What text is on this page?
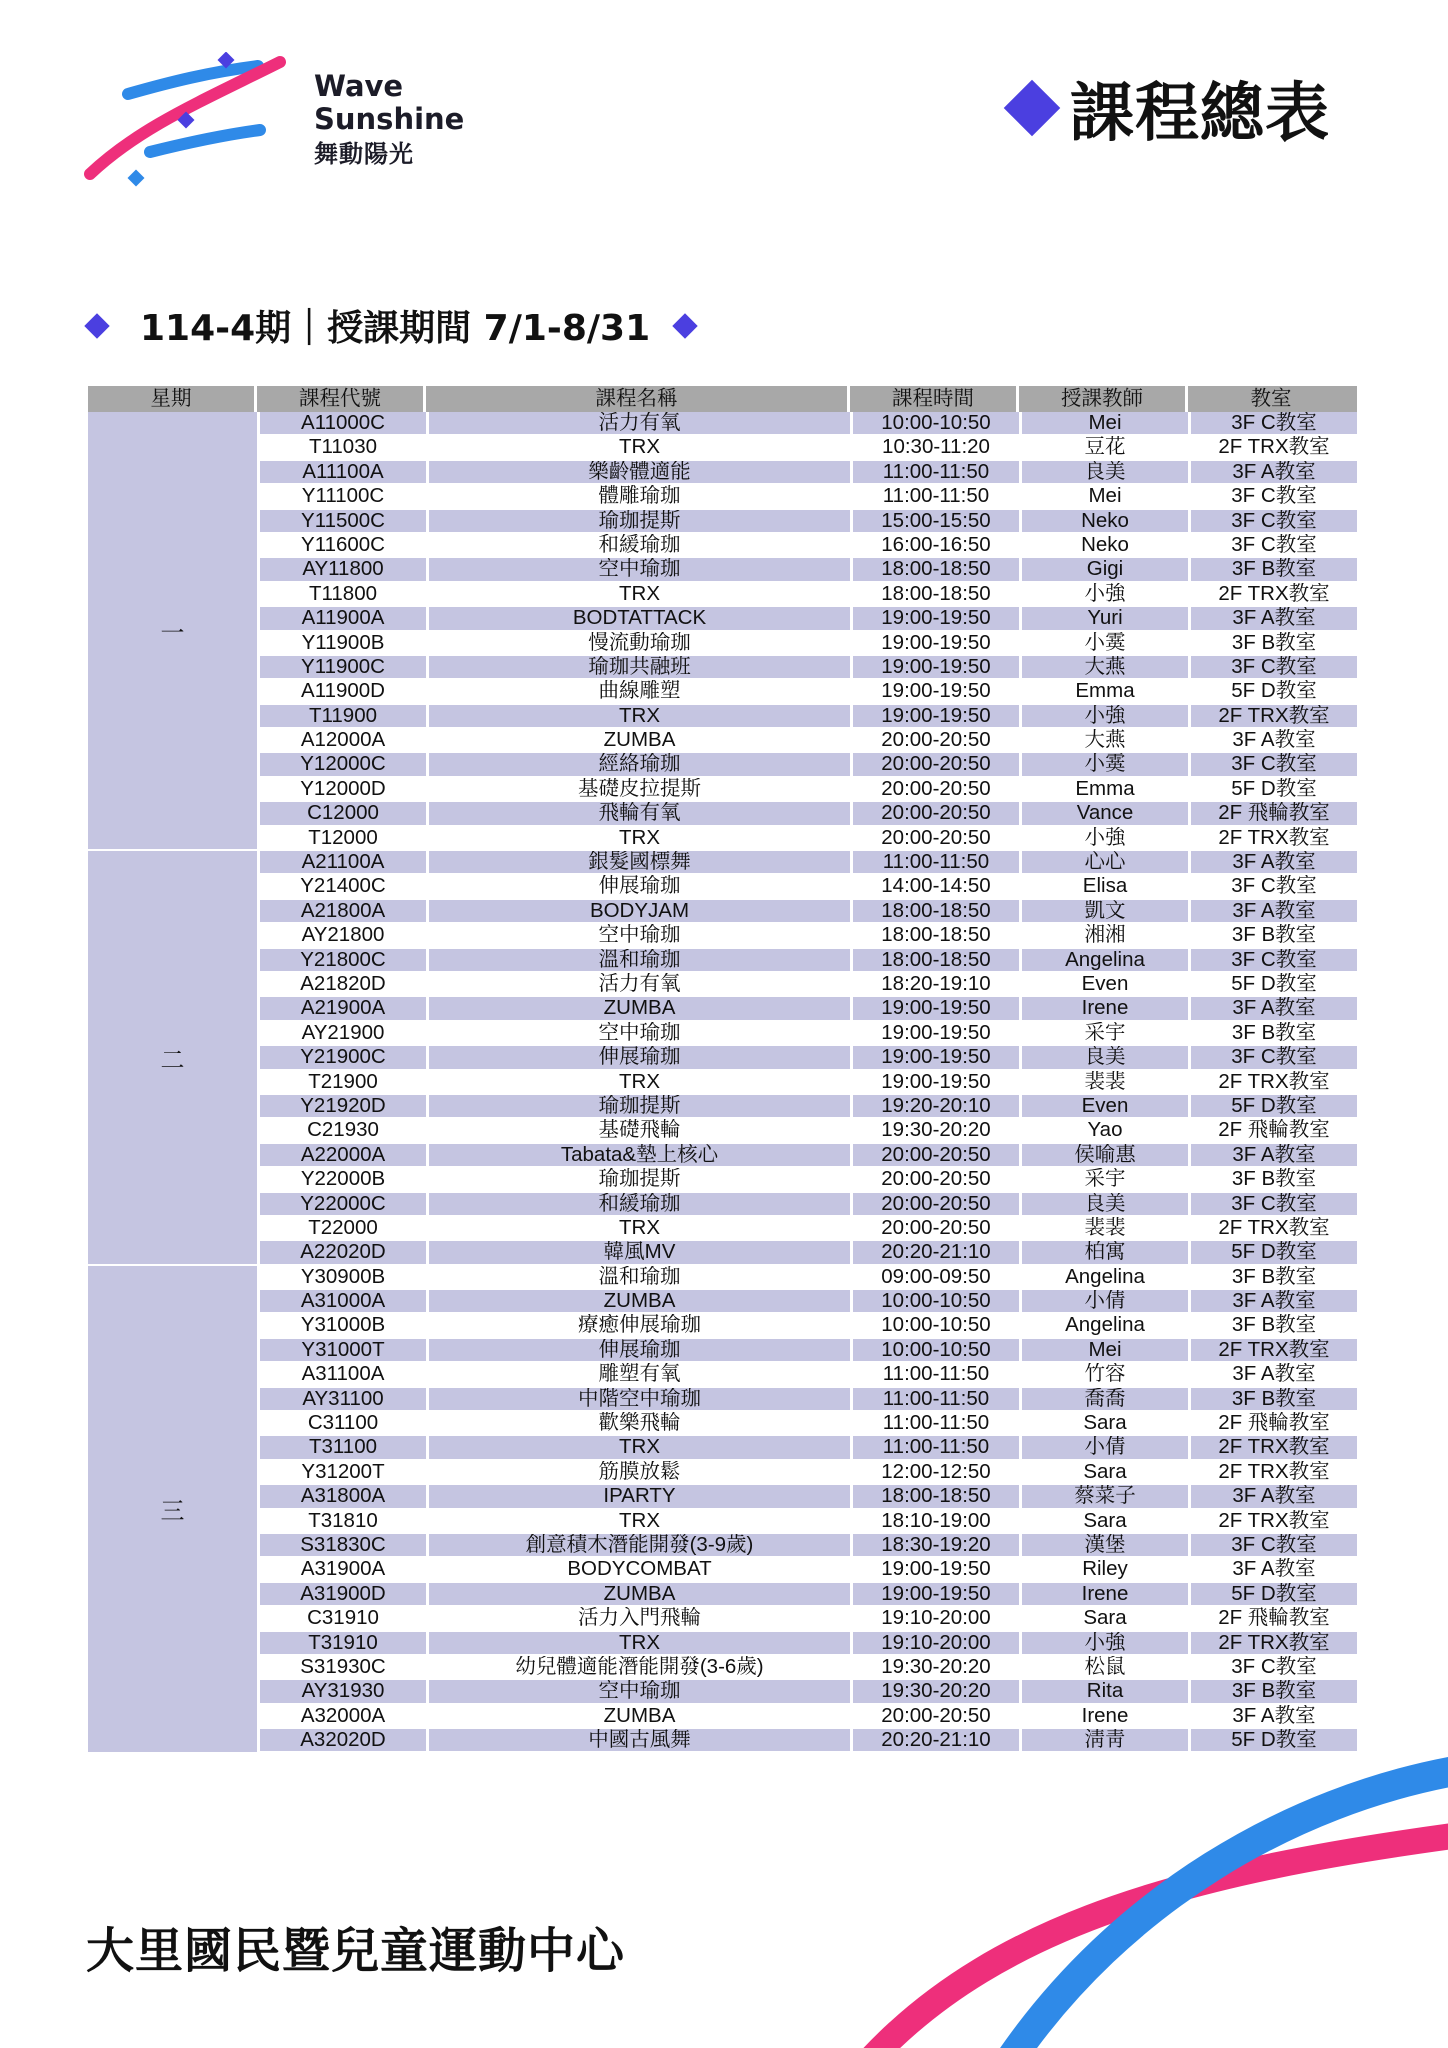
Wave
Sunshine
舞動陽光
課程總表
114-4期｜授課期間 7/1-8/31
星期	課程代號	課程名稱	課程時間	授課教師	教室
一
A11000C	活力有氧	10:00-10:50	Mei	3F C教室
T11030	TRX	10:30-11:20	豆花	2F TRX教室
A11100A	樂齡體適能	11:00-11:50	良美	3F A教室
Y11100C	體雕瑜珈	11:00-11:50	Mei	3F C教室
Y11500C	瑜珈提斯	15:00-15:50	Neko	3F C教室
Y11600C	和緩瑜珈	16:00-16:50	Neko	3F C教室
AY11800	空中瑜珈	18:00-18:50	Gigi	3F B教室
T11800	TRX	18:00-18:50	小強	2F TRX教室
A11900A	BODTATTACK	19:00-19:50	Yuri	3F A教室
Y11900B	慢流動瑜珈	19:00-19:50	小霙	3F B教室
Y11900C	瑜珈共融班	19:00-19:50	大燕	3F C教室
A11900D	曲線雕塑	19:00-19:50	Emma	5F D教室
T11900	TRX	19:00-19:50	小強	2F TRX教室
A12000A	ZUMBA	20:00-20:50	大燕	3F A教室
Y12000C	經絡瑜珈	20:00-20:50	小霙	3F C教室
Y12000D	基礎皮拉提斯	20:00-20:50	Emma	5F D教室
C12000	飛輪有氧	20:00-20:50	Vance	2F 飛輪教室
T12000	TRX	20:00-20:50	小強	2F TRX教室
二
A21100A	銀髮國標舞	11:00-11:50	心心	3F A教室
Y21400C	伸展瑜珈	14:00-14:50	Elisa	3F C教室
A21800A	BODYJAM	18:00-18:50	凱文	3F A教室
AY21800	空中瑜珈	18:00-18:50	湘湘	3F B教室
Y21800C	溫和瑜珈	18:00-18:50	Angelina	3F C教室
A21820D	活力有氧	18:20-19:10	Even	5F D教室
A21900A	ZUMBA	19:00-19:50	Irene	3F A教室
AY21900	空中瑜珈	19:00-19:50	采宇	3F B教室
Y21900C	伸展瑜珈	19:00-19:50	良美	3F C教室
T21900	TRX	19:00-19:50	裴裴	2F TRX教室
Y21920D	瑜珈提斯	19:20-20:10	Even	5F D教室
C21930	基礎飛輪	19:30-20:20	Yao	2F 飛輪教室
A22000A	Tabata&墊上核心	20:00-20:50	侯喻惠	3F A教室
Y22000B	瑜珈提斯	20:00-20:50	采宇	3F B教室
Y22000C	和緩瑜珈	20:00-20:50	良美	3F C教室
T22000	TRX	20:00-20:50	裴裴	2F TRX教室
A22020D	韓風MV	20:20-21:10	柏寓	5F D教室
三
Y30900B	溫和瑜珈	09:00-09:50	Angelina	3F B教室
A31000A	ZUMBA	10:00-10:50	小倩	3F A教室
Y31000B	療癒伸展瑜珈	10:00-10:50	Angelina	3F B教室
Y31000T	伸展瑜珈	10:00-10:50	Mei	2F TRX教室
A31100A	雕塑有氧	11:00-11:50	竹容	3F A教室
AY31100	中階空中瑜珈	11:00-11:50	喬喬	3F B教室
C31100	歡樂飛輪	11:00-11:50	Sara	2F 飛輪教室
T31100	TRX	11:00-11:50	小倩	2F TRX教室
Y31200T	筋膜放鬆	12:00-12:50	Sara	2F TRX教室
A31800A	IPARTY	18:00-18:50	蔡菜子	3F A教室
T31810	TRX	18:10-19:00	Sara	2F TRX教室
S31830C	創意積木潛能開發(3-9歲)	18:30-19:20	漢堡	3F C教室
A31900A	BODYCOMBAT	19:00-19:50	Riley	3F A教室
A31900D	ZUMBA	19:00-19:50	Irene	5F D教室
C31910	活力入門飛輪	19:10-20:00	Sara	2F 飛輪教室
T31910	TRX	19:10-20:00	小強	2F TRX教室
S31930C	幼兒體適能潛能開發(3-6歲)	19:30-20:20	松鼠	3F C教室
AY31930	空中瑜珈	19:30-20:20	Rita	3F B教室
A32000A	ZUMBA	20:00-20:50	Irene	3F A教室
A32020D	中國古風舞	20:20-21:10	淸靑	5F D教室
大里國民暨兒童運動中心
